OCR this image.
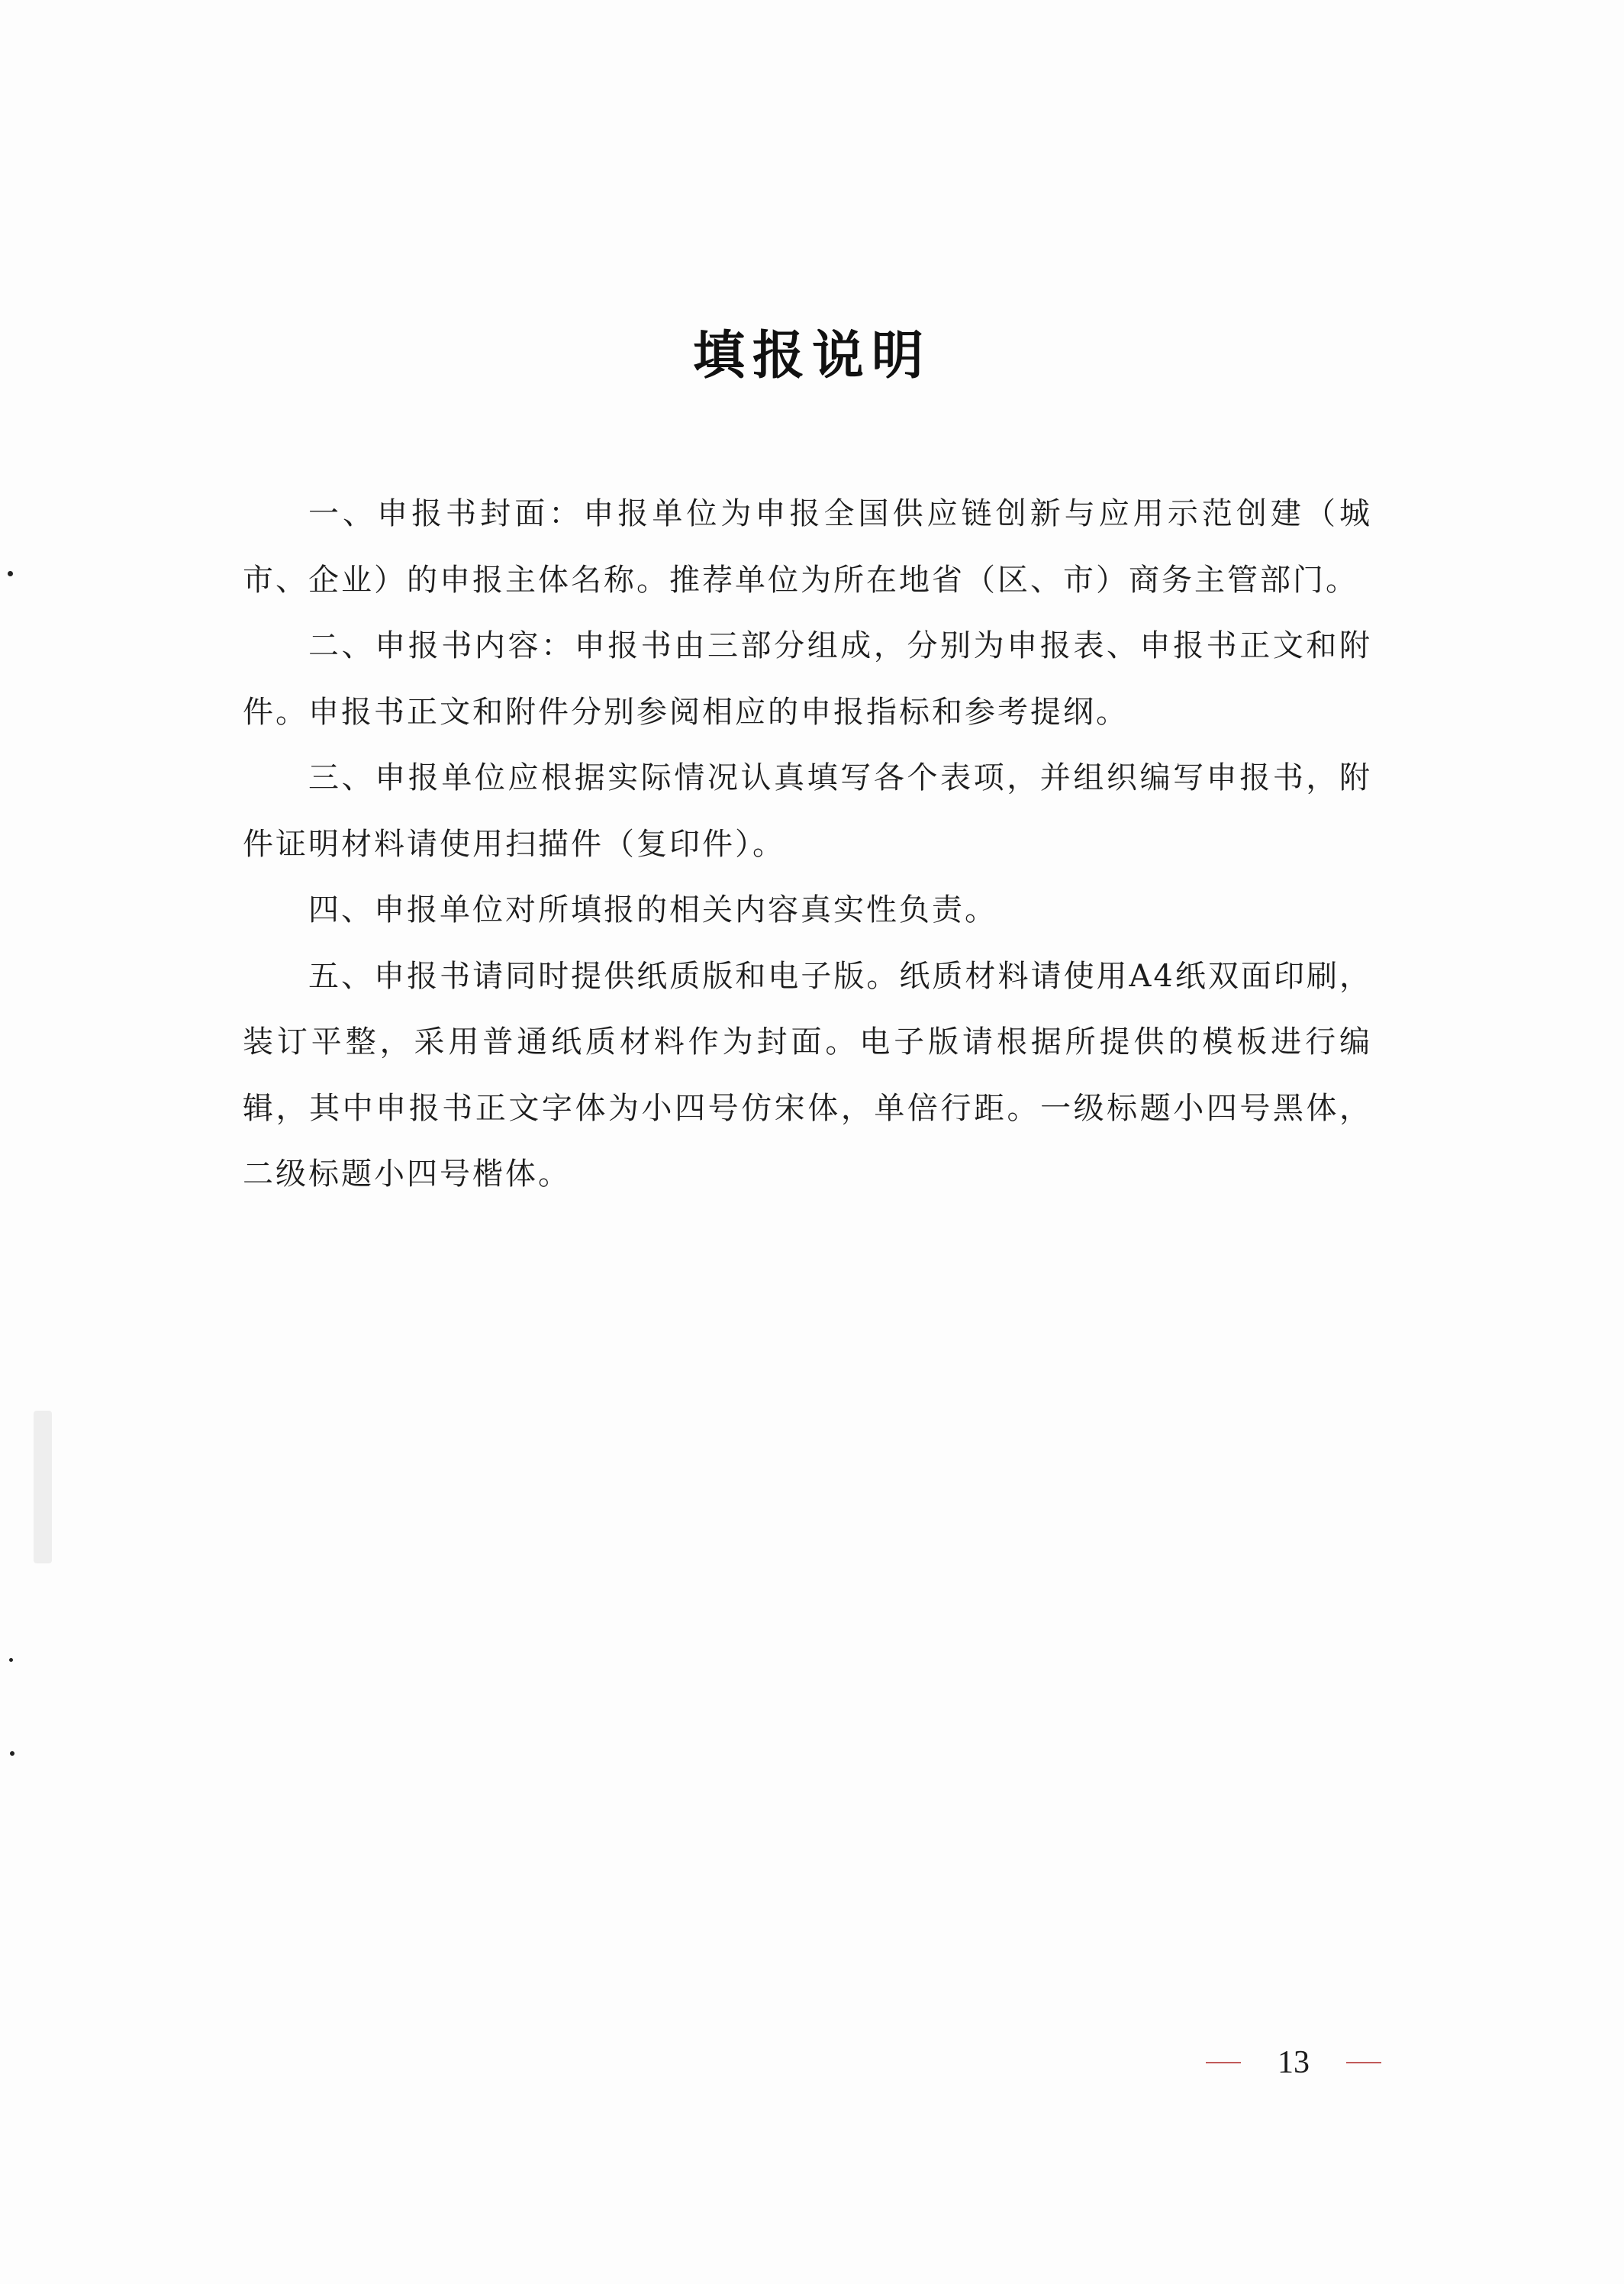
填报说明

一、申报书封面：申报单位为申报全国供应链创新与应用示范创建（城市、企业）的申报主体名称。推荐单位为所在地省（区、市）商务主管部门。

二、申报书内容：申报书由三部分组成，分别为申报表、申报书正文和附件。申报书正文和附件分别参阅相应的申报指标和参考提纲。

三、申报单位应根据实际情况认真填写各个表项，并组织编写申报书，附件证明材料请使用扫描件（复印件）。

四、申报单位对所填报的相关内容真实性负责。

五、申报书请同时提供纸质版和电子版。纸质材料请使用A4纸双面印刷，装订平整，采用普通纸质材料作为封面。电子版请根据所提供的模板进行编辑，其中申报书正文字体为小四号仿宋体，单倍行距。一级标题小四号黑体，二级标题小四号楷体。

13
